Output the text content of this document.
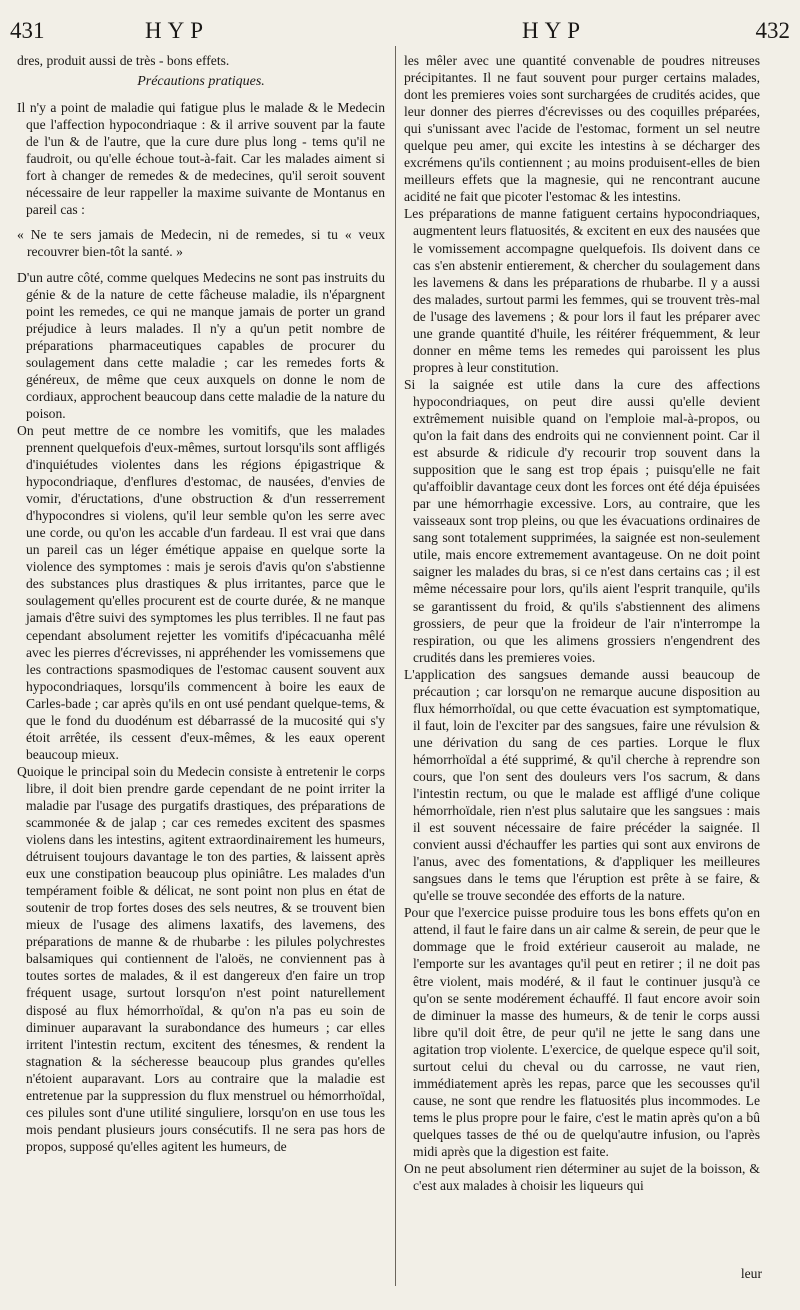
431	HYP	HYP	432

dres, produit aussi de très - bons effets.

Précautions pratiques.

Il n'y a point de maladie qui fatigue plus le malade & le Medecin que l'affection hypocondriaque : & il arrive souvent par la faute de l'un & de l'autre, que la cure dure plus long - tems qu'il ne faudroit, ou qu'elle échoue tout-à-fait. Car les malades aiment si fort à changer de remedes & de medecines, qu'il seroit souvent nécessaire de leur rappeller la maxime suivante de Montanus en pareil cas :

« Ne te sers jamais de Medecin, ni de remedes, si tu « veux recouvrer bien-tôt la santé. »

D'un autre côté, comme quelques Medecins ne sont pas instruits du génie & de la nature de cette fâcheuse maladie, ils n'épargnent point les remedes, ce qui ne manque jamais de porter un grand préjudice à leurs malades. Il n'y a qu'un petit nombre de préparations pharmaceutiques capables de procurer du soulagement dans cette maladie ; car les remedes forts & généreux, de même que ceux auxquels on donne le nom de cordiaux, approchent beaucoup dans cette maladie de la nature du poison.

On peut mettre de ce nombre les vomitifs, que les malades prennent quelquefois d'eux-mêmes, surtout lorsqu'ils sont affligés d'inquiétudes violentes dans les régions épigastrique & hypocondriaque, d'enflures d'estomac, de nausées, d'envies de vomir, d'éructations, d'une obstruction & d'un resserrement d'hypocondres si violens, qu'il leur semble qu'on les serre avec une corde, ou qu'on les accable d'un fardeau. Il est vrai que dans un pareil cas un léger émétique appaise en quelque sorte la violence des symptomes : mais je serois d'avis qu'on s'abstienne des substances plus drastiques & plus irritantes, parce que le soulagement qu'elles procurent est de courte durée, & ne manque jamais d'être suivi des symptomes les plus terribles. Il ne faut pas cependant absolument rejetter les vomitifs d'ipécacuanha mêlé avec les pierres d'écrevisses, ni appréhender les vomissemens que les contractions spasmodiques de l'estomac causent souvent aux hypocondriaques, lorsqu'ils commencent à boire les eaux de Carles-bade ; car après qu'ils en ont usé pendant quelque-tems, & que le fond du duodénum est débarrassé de la mucosité qui s'y étoit arrêtée, ils cessent d'eux-mêmes, & les eaux operent beaucoup mieux.

Quoique le principal soin du Medecin consiste à entretenir le corps libre, il doit bien prendre garde cependant de ne point irriter la maladie par l'usage des purgatifs drastiques, des préparations de scammonée & de jalap ; car ces remedes excitent des spasmes violens dans les intestins, agitent extraordinairement les humeurs, détruisent toujours davantage le ton des parties, & laissent après eux une constipation beaucoup plus opiniâtre. Les malades d'un tempérament foible & délicat, ne sont point non plus en état de soutenir de trop fortes doses des sels neutres, & se trouvent bien mieux de l'usage des alimens laxatifs, des lavemens, des préparations de manne & de rhubarbe : les pilules polychrestes balsamiques qui contiennent de l'aloës, ne conviennent pas à toutes sortes de malades, & il est dangereux d'en faire un trop fréquent usage, surtout lorsqu'on n'est point naturellement disposé au flux hémorrhoïdal, & qu'on n'a pas eu soin de diminuer auparavant la surabondance des humeurs ; car elles irritent l'intestin rectum, excitent des ténesmes, & rendent la stagnation & la sécheresse beaucoup plus grandes qu'elles n'étoient auparavant. Lors au contraire que la maladie est entretenue par la suppression du flux menstruel ou hémorrhoïdal, ces pilules sont d'une utilité singuliere, lorsqu'on en use tous les mois pendant plusieurs jours consécutifs. Il ne sera pas hors de propos, supposé qu'elles agitent les humeurs, de

les mêler avec une quantité convenable de poudres nitreuses précipitantes. Il ne faut souvent pour purger certains malades, dont les premieres voies sont surchargées de crudités acides, que leur donner des pierres d'écrevisses ou des coquilles préparées, qui s'unissant avec l'acide de l'estomac, forment un sel neutre quelque peu amer, qui excite les intestins à se décharger des excrémens qu'ils contiennent ; au moins produisent-elles de bien meilleurs effets que la magnesie, qui ne rencontrant aucune acidité ne fait que picoter l'estomac & les intestins.

Les préparations de manne fatiguent certains hypocondriaques, augmentent leurs flatuosités, & excitent en eux des nausées que le vomissement accompagne quelquefois. Ils doivent dans ce cas s'en abstenir entierement, & chercher du soulagement dans les lavemens & dans les préparations de rhubarbe. Il y a aussi des malades, surtout parmi les femmes, qui se trouvent très-mal de l'usage des lavemens ; & pour lors il faut les préparer avec une grande quantité d'huile, les réitérer fréquemment, & leur donner en même tems les remedes qui paroissent les plus propres à leur constitution.

Si la saignée est utile dans la cure des affections hypocondriaques, on peut dire aussi qu'elle devient extrêmement nuisible quand on l'emploie mal-à-propos, ou qu'on la fait dans des endroits qui ne conviennent point. Car il est absurde & ridicule d'y recourir trop souvent dans la supposition que le sang est trop épais ; puisqu'elle ne fait qu'affoiblir davantage ceux dont les forces ont été déja épuisées par une hémorrhagie excessive. Lors, au contraire, que les vaisseaux sont trop pleins, ou que les évacuations ordinaires de sang sont totalement supprimées, la saignée est non-seulement utile, mais encore extremement avantageuse. On ne doit point saigner les malades du bras, si ce n'est dans certains cas ; il est même nécessaire pour lors, qu'ils aient l'esprit tranquile, qu'ils se garantissent du froid, & qu'ils s'abstiennent des alimens grossiers, de peur que la froideur de l'air n'interrompe la respiration, ou que les alimens grossiers n'engendrent des crudités dans les premieres voies.

L'application des sangsues demande aussi beaucoup de précaution ; car lorsqu'on ne remarque aucune disposition au flux hémorrhoïdal, ou que cette évacuation est symptomatique, il faut, loin de l'exciter par des sangsues, faire une révulsion & une dérivation du sang de ces parties. Lorque le flux hémorrhoïdal a été supprimé, & qu'il cherche à reprendre son cours, que l'on sent des douleurs vers l'os sacrum, & dans l'intestin rectum, ou que le malade est affligé d'une colique hémorrhoïdale, rien n'est plus salutaire que les sangsues : mais il est souvent nécessaire de faire précéder la saignée. Il convient aussi d'échauffer les parties qui sont aux environs de l'anus, avec des fomentations, & d'appliquer les meilleures sangsues dans le tems que l'éruption est prête à se faire, & qu'elle se trouve secondée des efforts de la nature.

Pour que l'exercice puisse produire tous les bons effets qu'on en attend, il faut le faire dans un air calme & serein, de peur que le dommage que le froid extérieur causeroit au malade, ne l'emporte sur les avantages qu'il peut en retirer ; il ne doit pas être violent, mais modéré, & il faut le continuer jusqu'à ce qu'on se sente modérement échauffé. Il faut encore avoir soin de diminuer la masse des humeurs, & de tenir le corps aussi libre qu'il doit être, de peur qu'il ne jette le sang dans une agitation trop violente. L'exercice, de quelque espece qu'il soit, surtout celui du cheval ou du carrosse, ne vaut rien, immédiatement après les repas, parce que les secousses qu'il cause, ne sont que rendre les flatuosités plus incommodes. Le tems le plus propre pour le faire, c'est le matin après qu'on a bû quelques tasses de thé ou de quelqu'autre infusion, ou l'après midi après que la digestion est faite.

On ne peut absolument rien déterminer au sujet de la boisson, & c'est aux malades à choisir les liqueurs qui

leur
